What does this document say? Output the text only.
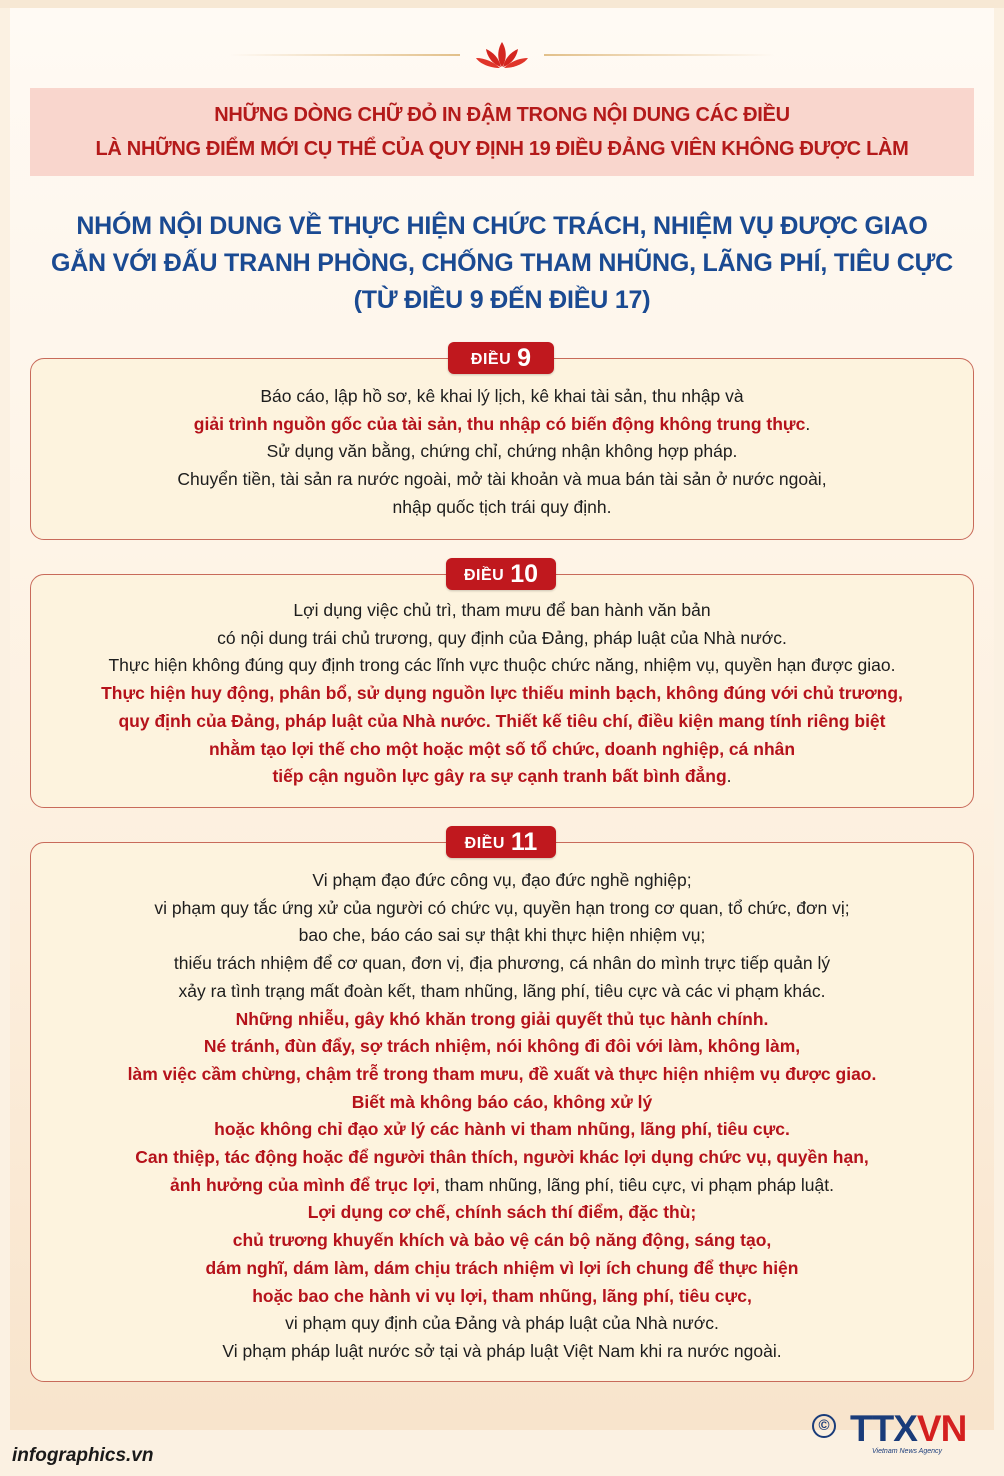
NHỮNG DÒNG CHỮ ĐỎ IN ĐẬM TRONG NỘI DUNG CÁC ĐIỀU
LÀ NHỮNG ĐIỂM MỚI CỤ THỂ CỦA QUY ĐỊNH 19 ĐIỀU ĐẢNG VIÊN KHÔNG ĐƯỢC LÀM
NHÓM NỘI DUNG VỀ THỰC HIỆN CHỨC TRÁCH, NHIỆM VỤ ĐƯỢC GIAO
GẮN VỚI ĐẤU TRANH PHÒNG, CHỐNG THAM NHŨNG, LÃNG PHÍ, TIÊU CỰC
(TỪ ĐIỀU 9 ĐẾN ĐIỀU 17)
Báo cáo, lập hồ sơ, kê khai lý lịch, kê khai tài sản, thu nhập và
giải trình nguồn gốc của tài sản, thu nhập có biến động không trung thực.
Sử dụng văn bằng, chứng chỉ, chứng nhận không hợp pháp.
Chuyển tiền, tài sản ra nước ngoài, mở tài khoản và mua bán tài sản ở nước ngoài,
nhập quốc tịch trái quy định.
ĐIỀU 9
Lợi dụng việc chủ trì, tham mưu để ban hành văn bản
có nội dung trái chủ trương, quy định của Đảng, pháp luật của Nhà nước.
Thực hiện không đúng quy định trong các lĩnh vực thuộc chức năng, nhiệm vụ, quyền hạn được giao.
Thực hiện huy động, phân bổ, sử dụng nguồn lực thiếu minh bạch, không đúng với chủ trương,
quy định của Đảng, pháp luật của Nhà nước. Thiết kế tiêu chí, điều kiện mang tính riêng biệt
nhằm tạo lợi thế cho một hoặc một số tổ chức, doanh nghiệp, cá nhân
tiếp cận nguồn lực gây ra sự cạnh tranh bất bình đẳng.
ĐIỀU 10
Vi phạm đạo đức công vụ, đạo đức nghề nghiệp;
vi phạm quy tắc ứng xử của người có chức vụ, quyền hạn trong cơ quan, tổ chức, đơn vị;
bao che, báo cáo sai sự thật khi thực hiện nhiệm vụ;
thiếu trách nhiệm để cơ quan, đơn vị, địa phương, cá nhân do mình trực tiếp quản lý
xảy ra tình trạng mất đoàn kết, tham nhũng, lãng phí, tiêu cực và các vi phạm khác.
Những nhiễu, gây khó khăn trong giải quyết thủ tục hành chính.
Né tránh, đùn đẩy, sợ trách nhiệm, nói không đi đôi với làm, không làm,
làm việc cầm chừng, chậm trễ trong tham mưu, đề xuất và thực hiện nhiệm vụ được giao.
Biết mà không báo cáo, không xử lý
hoặc không chỉ đạo xử lý các hành vi tham nhũng, lãng phí, tiêu cực.
Can thiệp, tác động hoặc để người thân thích, người khác lợi dụng chức vụ, quyền hạn,
ảnh hưởng của mình để trục lợi, tham nhũng, lãng phí, tiêu cực, vi phạm pháp luật.
Lợi dụng cơ chế, chính sách thí điểm, đặc thù;
chủ trương khuyến khích và bảo vệ cán bộ năng động, sáng tạo,
dám nghĩ, dám làm, dám chịu trách nhiệm vì lợi ích chung để thực hiện
hoặc bao che hành vi vụ lợi, tham nhũng, lãng phí, tiêu cực,
vi phạm quy định của Đảng và pháp luật của Nhà nước.
Vi phạm pháp luật nước sở tại và pháp luật Việt Nam khi ra nước ngoài.
ĐIỀU 11
infographics.vn
© TTXVN
Vietnam News Agency
